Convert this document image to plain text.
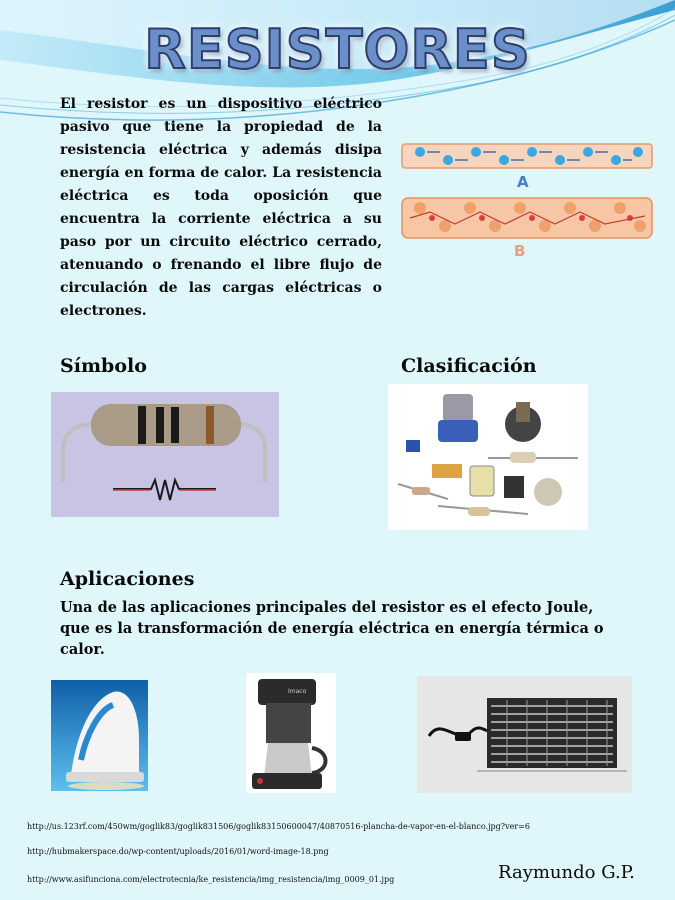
RESISTORES
El resistor es un dispositivo eléctrico pasivo que tiene la propiedad de la resistencia eléctrica y además disipa energía en forma de calor. La resistencia eléctrica es toda oposición que encuentra la corriente eléctrica a su paso por un circuito eléctrico cerrado, atenuando o frenando el libre flujo de circulación de las cargas eléctricas o electrones.
A
B
Símbolo	Clasificación
Aplicaciones
Una de las aplicaciones principales del resistor es el efecto Joule, que es la transformación de energía eléctrica en energía térmica o calor.
Imaco
http://us.123rf.com/450wm/goglik83/goglik831506/goglik83150600047/40870516-plancha-de-vapor-en-el-blanco.jpg?ver=6
http://hubmakerspace.do/wp-content/uploads/2016/01/word-image-18.png
http://www.asifunciona.com/electrotecnia/ke_resistencia/img_resistencia/img_0009_01.jpg	Raymundo G.P.
